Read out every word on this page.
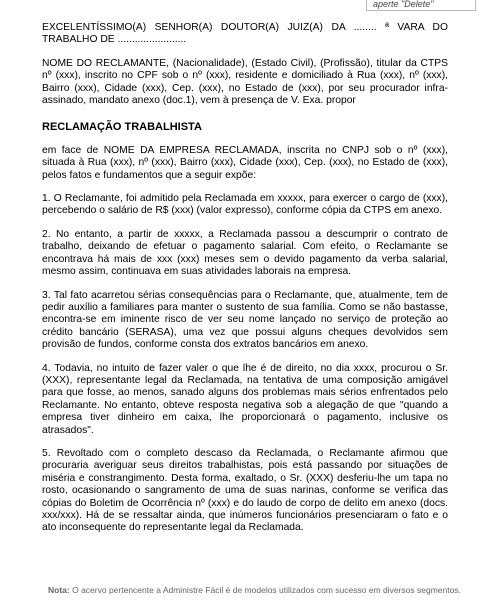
aperte "Delete"

EXCELENTÍSSIMO(A) SENHOR(A) DOUTOR(A) JUIZ(A) DA ........ ª VARA DO TRABALHO DE ........................

NOME DO RECLAMANTE, (Nacionalidade), (Estado Civil), (Profissão), titular da CTPS nº (xxx), inscrito no CPF sob o nº (xxx), residente e domiciliado à Rua (xxx), nº (xxx), Bairro (xxx), Cidade (xxx), Cep. (xxx), no Estado de (xxx), por seu procurador infra-assinado, mandato anexo (doc.1), vem à presença de V. Exa. propor

RECLAMAÇÃO TRABALHISTA

em face de NOME DA EMPRESA RECLAMADA, inscrita no CNPJ sob o nº (xxx), situada à Rua (xxx), nº (xxx), Bairro (xxx), Cidade (xxx), Cep. (xxx), no Estado de (xxx), pelos fatos e fundamentos que a seguir expõe:

1. O Reclamante, foi admitido pela Reclamada em xxxxx, para exercer o cargo de (xxx), percebendo o salário de R$ (xxx) (valor expresso), conforme cópia da CTPS em anexo.

2. No entanto, a partir de xxxxx, a Reclamada passou a descumprir o contrato de trabalho, deixando de efetuar o pagamento salarial. Com efeito, o Reclamante se encontrava há mais de xxx (xxx) meses sem o devido pagamento da verba salarial, mesmo assim, continuava em suas atividades laborais na empresa.

3. Tal fato acarretou sérias consequências para o Reclamante, que, atualmente, tem de pedir auxílio a familiares para manter o sustento de sua família. Como se não bastasse, encontra-se em iminente risco de ver seu nome lançado no serviço de proteção ao crédito bancário (SERASA), uma vez que possui alguns cheques devolvidos sem provisão de fundos, conforme consta dos extratos bancários em anexo.

4. Todavia, no intuito de fazer valer o que lhe é de direito, no dia xxxx, procurou o Sr. (XXX), representante legal da Reclamada, na tentativa de uma composição amigável para que fosse, ao menos, sanado alguns dos problemas mais sérios enfrentados pelo Reclamante. No entanto, obteve resposta negativa sob a alegação de que "quando a empresa tiver dinheiro em caixa, lhe proporcionará o pagamento, inclusive os atrasados".

5. Revoltado com o completo descaso da Reclamada, o Reclamante afirmou que procuraria averiguar seus direitos trabalhistas, pois está passando por situações de miséria e constrangimento. Desta forma, exaltado, o Sr. (XXX) desferiu-lhe um tapa no rosto, ocasionando o sangramento de uma de suas narinas, conforme se verifica das cópias do Boletim de Ocorrência nº (xxx) e do laudo de corpo de delito em anexo (docs. xxx/xxx). Há de se ressaltar ainda, que inúmeros funcionários presenciaram o fato e o ato inconsequente do representante legal da Reclamada.

Nota: O acervo pertencente a Administre Fácil é de modelos utilizados com sucesso em diversos segmentos.
